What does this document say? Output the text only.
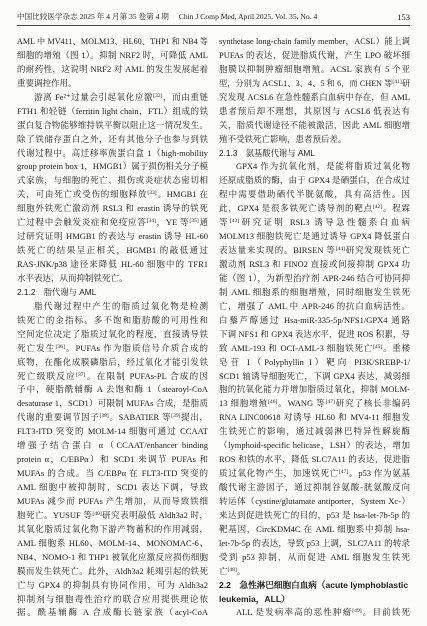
中国比较医学杂志 2025 年 4 月第 35 卷第 4 期 Chin J Comp Med, April 2025, Vol. 35, No. 4	153
AML 中 MV411、MOLM13、HL60、THP1 和 NB4 等
细胞的增殖（图 1）。抑制 NRF2 时，可降低 AML
的耐药性，这说明 NRF2 对 AML 的发生发展起着
重要调控作用。
游离 Fe²⁺过量会引起氧化应激[32]，而由重链
FTH1 和轻链（ferritin light chain，FTL）组成的铁
蛋白复合物能够维持铁平衡以阻止这一情况发生。
除了铁储存蛋白之外，还有其他分子也参与到铁
代谢过程中。高迁移率族蛋白盒 1（high-mobility
group protein box 1，HMGB1）属于损伤相关分子模
式家族，与细胞的死亡、损伤或炎症状态密切相
关，可由死亡或受伤的细胞释放[33]。HMGB1 在
细胞外铁死亡激动剂 RSL3 和 erastin 诱导的铁死
亡过程中会触发炎症和免疫应答[34]，YE 等[35]通
过研究证明 HMGB1 的表达与 erastin 诱导 HL-60
铁死亡的结果呈正相关，HGMB1 的敲低通过
RAS-JNK/p38 途径来降低 HL-60 细胞中的 TFR1
水平表达，从而抑制铁死亡。
2.1.2　脂代谢与 AML
脂代谢过程中产生的脂质过氧化物是检测
铁死亡的金指标。多不饱和脂肪酸的可用性和
空间定位决定了脂质过氧化的程度，直接诱导铁
死亡发生[36]。PUFAs 作为脂质信号介质合成的
底物，在酯化成膜磷脂后，经过氧化才能引发铁
死亡级联反应[37]。在限制 PUFAs-PL 合成的因
子中，硬脂酰辅酶 A 去饱和酶 1（stearoyl-CoA
desaturase 1，SCD1）可限制 MUFAs 合成，是脂质
代谢的重要调节因子[38]。SABATIER 等[39]提出，
FLT3-ITD 突变的 MOLM-14 细胞可通过 CCAAT
增强子结合蛋白 α（CCAAT/enhancer binding
protein α，C/EBPα）和 SCD1 来调节 PUFAs 和
MUFAs 的合成。当 C/EBPα 在 FLT3-ITD 突变的
AML 细胞中被抑制时，SCD1 表达下调，导致
MUFAs 减少而 PUFAs 产生增加，从而导致铁细
胞死亡。YUSUF 等[40]研究表明敲低 Aldh3a2 时，
其氧化脂质过氧化物下游产物蓄积的作用减弱，
AML 细胞系 HL60、MOLM-14、MONOMAC-6、
NB4、NOMO-1 和 THP1 被氧化应激反应损伤细胞
膜而发生铁死亡。此外，Aldh3a2 耗竭引起的铁死
亡与 GPX4 的抑制具有协同作用，可为 Aldh3a2
抑制剂与细胞毒性治疗的联合应用提供理论依
据。酰基辅酶 A 合成酶长链家族（acyl-CoA
synthetase long-chain family member，ACSL）能上调
PUFAs 的表达，促进脂质代谢，产生 LPO 破坏细
胞膜以抑制肿瘤细胞增殖。ACSL 家族有 5 个亚
型，分别为 ACSL1、3、4、5 和 6，而 CHEN 等[41]研
究发现 ACSL6 在急性髓系白血病中存在，但 AML
患者预后却不理想，其原因与 ACSL6 低表达有
关，脂质代谢途径不能被激活，因此 AML 细胞增
殖不受铁死亡影响，患者预后差。
2.1.3　氨基酸代谢与 AML
GPX4 作为抗氧化剂，是能将脂质过氧化物
还原成脂质的酶，由于 GPX4 是硒蛋白，在合成过
程中需要借助硒代半胱氨酸，具有高活性。因
此，GPX4 是很多铁死亡诱导剂的靶点[42]。程霖
等[43]研究证明 RSL3 诱导急性髓系白血病
MOLM13 细胞铁死亡是通过诱导 GPX4 降低蛋白
表达量来实现的。BIRSEN 等[44]研究发现铁死亡
激动剂 RSL3 和 FINO2 直接或间接抑制 GPX4 功
能（图 1），为新型治疗剂 APR-246 结合可协同抑
制 AML 细胞系的细胞增殖，同时细胞发生铁死
亡，增强了 AML 中 APR-246 的抗白血病活性。
白藜芦醇通过 Hsa-miR-335-5p/NFS1/GPX4 通路
下调 NFS1 和 GPX4 表达水平，促进 ROS 积累，导
致 AML-193 和 OCI-AML-3 细胞铁死亡[45]。重楼
皂苷 I（Polyphyllin I）靶向 PI3K/SREBP-1/
SCD1 轴诱导细胞死亡，下调 GPX4 表达，减弱细
胞的抗氧化能力并增加脂质过氧化，抑制 MOLM-
13 细胞增殖[46]。WANG 等[47]研究了核长非编码
RNA LINC00618 对诱导 HL60 和 MV4-11 细胞发
生铁死亡的影响，通过减弱淋巴特异性解旋酶
（lymphoid-specific helicase，LSH）的表达，增加
ROS 和铁的水平，降低 SLC7A11 的表达，促进脂
质过氧化物产生，加速铁死亡[47]。p53 作为氨基
酸代谢主游因子，通过抑制谷氨酸-胱氨酸反向
转运体（cystine/glutamate antiporter，System Xc-）
来达到促进铁死亡的目的，p53 是 hsa-let-7b-5p 的
靶基因，CircKDM4C 在 AML 细胞系中抑制 hsa-
let-7b-5p 的表达，导致 p53 上调，SLC7A11 的转录
受到 p53 抑制，从而促进 AML 细胞发生铁死
亡[48]。
2.2　急性淋巴细胞白血病（acute lymphoblastic
leukemia，ALL）
ALL 是发病率高的恶性肿瘤[49]。目前铁死
